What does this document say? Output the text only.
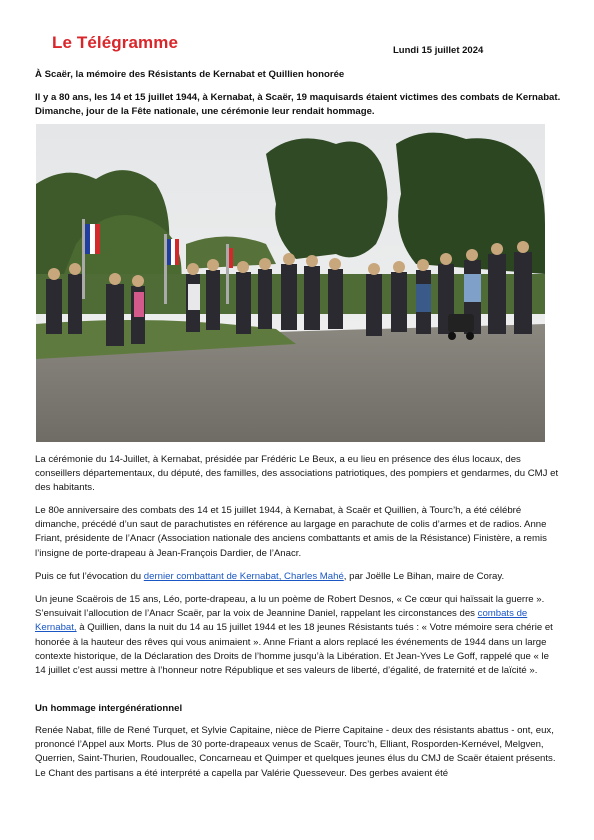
Le Télégramme	Lundi 15 juillet 2024
À Scaër, la mémoire des Résistants de Kernabat et Quillien honorée
Il y a 80 ans, les 14 et 15 juillet 1944, à Kernabat, à Scaër, 19 maquisards étaient victimes des combats de Kernabat. Dimanche, jour de la Fête nationale, une cérémonie leur rendait hommage.

La cérémonie du 14-Juillet, à Kernabat, présidée par Frédéric Le Beux, a eu lieu en présence des élus locaux, des conseillers départementaux, du député, des familles, des associations patriotiques, des pompiers et gendarmes, du CMJ et des habitants.

Le 80e anniversaire des combats des 14 et 15 juillet 1944, à Kernabat, à Scaër et Quillien, à Tourc’h, a été célébré dimanche, précédé d’un saut de parachutistes en référence au largage en parachute de colis d’armes et de radios. Anne Friant, présidente de l’Anacr (Association nationale des anciens combattants et amis de la Résistance) Finistère, a remis l’insigne de porte-drapeau à Jean-François Dardier, de l’Anacr.

Puis ce fut l’évocation du dernier combattant de Kernabat, Charles Mahé, par Joëlle Le Bihan, maire de Coray.

Un jeune Scaërois de 15 ans, Léo, porte-drapeau, a lu un poème de Robert Desnos, « Ce cœur qui haïssait la guerre ». S’ensuivait l’allocution de l’Anacr Scaër, par la voix de Jeannine Daniel, rappelant les circonstances des combats de Kernabat, à Quillien, dans la nuit du 14 au 15 juillet 1944 et les 18 jeunes Résistants tués : « Votre mémoire sera chérie et honorée à la hauteur des rêves qui vous animaient ». Anne Friant a alors replacé les événements de 1944 dans un large contexte historique, de la Déclaration des Droits de l’homme jusqu’à la Libération. Et Jean-Yves Le Goff, rappelé que « le 14 juillet c’est aussi mettre à l’honneur notre République et ses valeurs de liberté, d’égalité, de fraternité et de laïcité ».

Un hommage intergénérationnel

Renée Nabat, fille de René Turquet, et Sylvie Capitaine, nièce de Pierre Capitaine - deux des résistants abattus - ont, eux, prononcé l’Appel aux Morts. Plus de 30 porte-drapeaux venus de Scaër, Tourc’h, Elliant, Rosporden-Kernével, Melgven, Querrien, Saint-Thurien, Roudouallec, Concarneau et Quimper et quelques jeunes élus du CMJ de Scaër étaient présents. Le Chant des partisans a été interprété a capella par Valérie Quesseveur. Des gerbes avaient été
